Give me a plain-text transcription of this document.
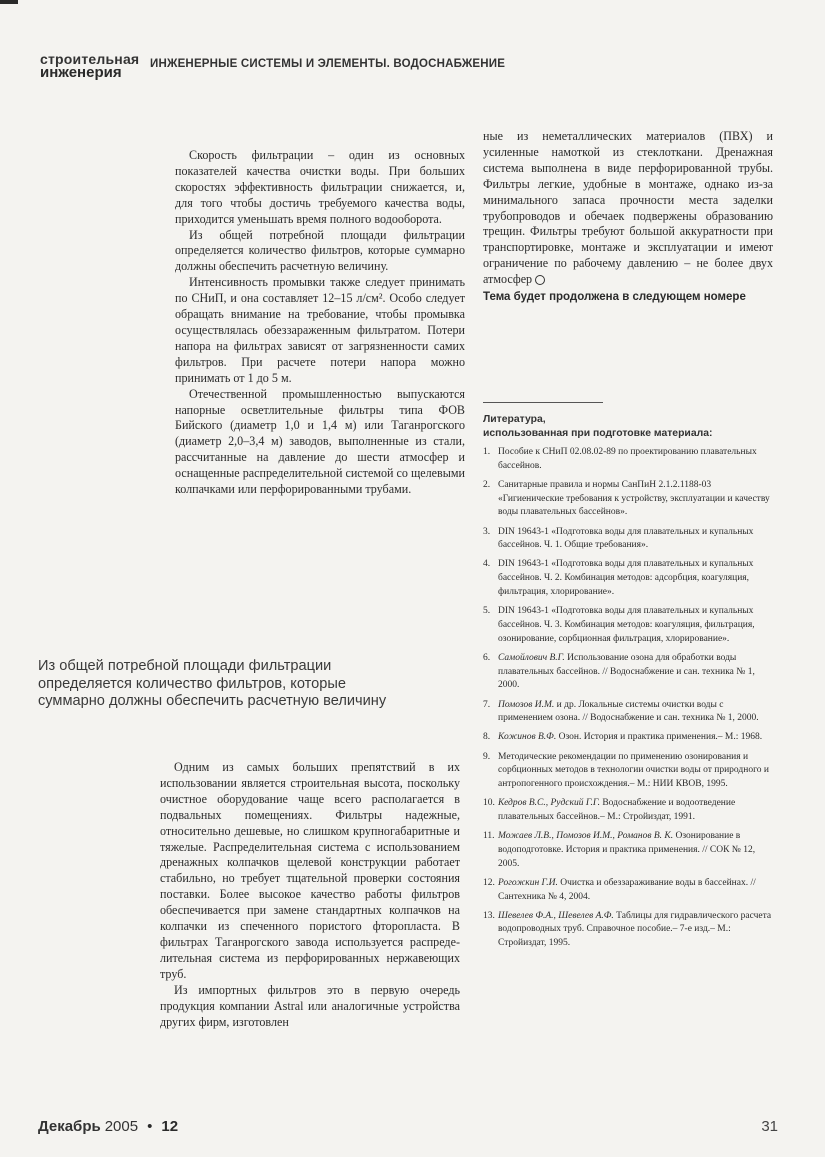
строительная
инженерия	ИНЖЕНЕРНЫЕ СИСТЕМЫ И ЭЛЕМЕНТЫ. ВОДОСНАБЖЕНИЕ

Скорость фильтрации – один из основных показателей качества очистки воды. При больших скоростях эффективность фильтрации снижается, и, для того чтобы достичь требуемого качества воды, приходится уменьшать время полного водооборота.

Из общей потребной площади фильтрации определяется количество фильтров, которые суммарно должны обеспечить расчетную величину.

Интенсивность промывки также следует принимать по СНиП, и она составляет 12–15 л/см². Особо следует обращать внимание на требование, чтобы промывка осуществлялась обеззараженным фильтратом. Потери напора на фильтрах зависят от загрязненности самих фильтров. При расчете потери напора можно принимать от 1 до 5 м.

Отечественной промышленностью выпускаются напорные осветлительные фильтры типа ФОВ Бийского (диаметр 1,0 и 1,4 м) или Таганрогского (диаметр 2,0–3,4 м) заводов, выполненные из стали, рассчитанные на давление до шести атмосфер и оснащенные распределительной системой со щелевыми колпачками или перфорированными трубами.

ные из неметаллических материалов (ПВХ) и усиленные намоткой из стеклоткани. Дренажная система выполнена в виде перфорированной трубы. Фильтры легкие, удобные в монтаже, однако из-за минимального запаса прочности места заделки трубопроводов и обечаек подвержены образованию трещин. Фильтры требуют большой аккуратности при транспортировке, монтаже и эксплуатации и имеют ограничение по рабочему давлению – не более двух атмосфер

Тема будет продолжена в следующем номере

Из общей потребной площади фильтрации определяется количество фильтров, которые суммарно должны обеспечить расчетную величину

Одним из самых больших препятствий в их использовании является строительная высота, поскольку очистное оборудование чаще всего располагается в подвальных помещениях. Фильтры надежные, относительно дешевые, но слишком крупногабаритные и тяжелые. Распределительная система с использованием дренажных колпачков щелевой конструкции работает стабильно, но требует тщательной проверки состояния поставки. Более высокое качество работы фильтров обеспечивается при замене стандартных колпачков на колпачки из спеченного пористого фторопласта. В фильтрах Таганрогского завода используется распределительная система из перфорированных нержавеющих труб.

Из импортных фильтров это в первую очередь продукция компании Astral или аналогичные устройства других фирм, изготовлен

Литература,
использованная при подготовке материала:
1. Пособие к СНиП 02.08.02-89 по проектированию плавательных бассейнов.
2. Санитарные правила и нормы СанПиН 2.1.2.1188-03 «Гигиенические требования к устройству, эксплуатации и качеству воды плавательных бассейнов».
3. DIN 19643-1 «Подготовка воды для плавательных и купальных бассейнов. Ч. 1. Общие требования».
4. DIN 19643-1 «Подготовка воды для плавательных и купальных бассейнов. Ч. 2. Комбинация методов: адсорбция, коагуляция, фильтрация, хлорирование».
5. DIN 19643-1 «Подготовка воды для плавательных и купальных бассейнов. Ч. 3. Комбинация методов: коагуляция, фильтрация, озонирование, сорбционная фильтрация, хлорирование».
6. Самойлович В.Г. Использование озона для обработки воды плавательных бассейнов. // Водоснабжение и сан. техника № 1, 2000.
7. Помозов И.М. и др. Локальные системы очистки воды с применением озона. // Водоснабжение и сан. техника № 1, 2000.
8. Кожинов В.Ф. Озон. История и практика применения.– М.: 1968.
9. Методические рекомендации по применению озонирования и сорбционных методов в технологии очистки воды от природного и антропогенного происхождения.– М.: НИИ КВОВ, 1995.
10. Кедров В.С., Рудский Г.Г. Водоснабжение и водоотведение плавательных бассейнов.– М.: Стройиздат, 1991.
11. Можаев Л.В., Помозов И.М., Романов В. К. Озонирование в водоподготовке. История и практика применения. // СОК № 12, 2005.
12. Рогожкин Г.И. Очистка и обеззараживание воды в бассейнах. // Сантехника № 4, 2004.
13. Шевелев Ф.А., Шевелев А.Ф. Таблицы для гидравлического расчета водопроводных труб. Справочное пособие.– 7-е изд.– М.: Стройиздат, 1995.
Декабрь 2005 • 12	31
